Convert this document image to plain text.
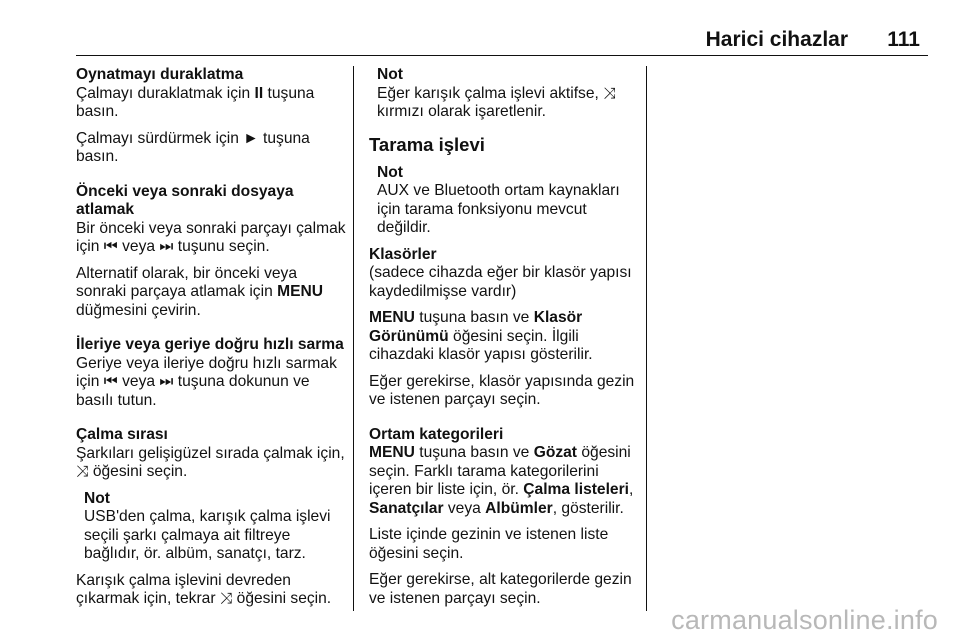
Harici cihazlar 111
Oynatmayı duraklatma

Çalmayı duraklatmak için II tuşuna basın.

Çalmayı sürdürmek için ► tuşuna basın.

Önceki veya sonraki dosyaya atlamak

Bir önceki veya sonraki parçayı çalmak için ⏮ veya ⏭ tuşunu seçin.

Alternatif olarak, bir önceki veya sonraki parçaya atlamak için MENU düğmesini çevirin.

İleriye veya geriye doğru hızlı sarma

Geriye veya ileriye doğru hızlı sarmak için ⏮ veya ⏭ tuşuna dokunun ve basılı tutun.

Çalma sırası

Şarkıları gelişigüzel sırada çalmak için, ⤨ öğesini seçin.

Not
USB'den çalma, karışık çalma işlevi seçili şarkı çalmaya ait filtreye bağlıdır, ör. albüm, sanatçı, tarz.

Karışık çalma işlevini devreden çıkarmak için, tekrar ⤨ öğesini seçin.

Not
Eğer karışık çalma işlevi aktifse, ⤨ kırmızı olarak işaretlenir.
Tarama işlevi
Not
AUX ve Bluetooth ortam kaynakları için tarama fonksiyonu mevcut değildir.
Klasörler

(sadece cihazda eğer bir klasör yapısı kaydedilmişse vardır)

MENU tuşuna basın ve Klasör Görünümü öğesini seçin. İlgili cihazdaki klasör yapısı gösterilir.

Eğer gerekirse, klasör yapısında gezin ve istenen parçayı seçin.

Ortam kategorileri

MENU tuşuna basın ve Gözat öğesini seçin. Farklı tarama kategorilerini içeren bir liste için, ör. Çalma listeleri, Sanatçılar veya Albümler, gösterilir.

Liste içinde gezinin ve istenen liste öğesini seçin.

Eğer gerekirse, alt kategorilerde gezin ve istenen parçayı seçin.

carmanualsonline.info
